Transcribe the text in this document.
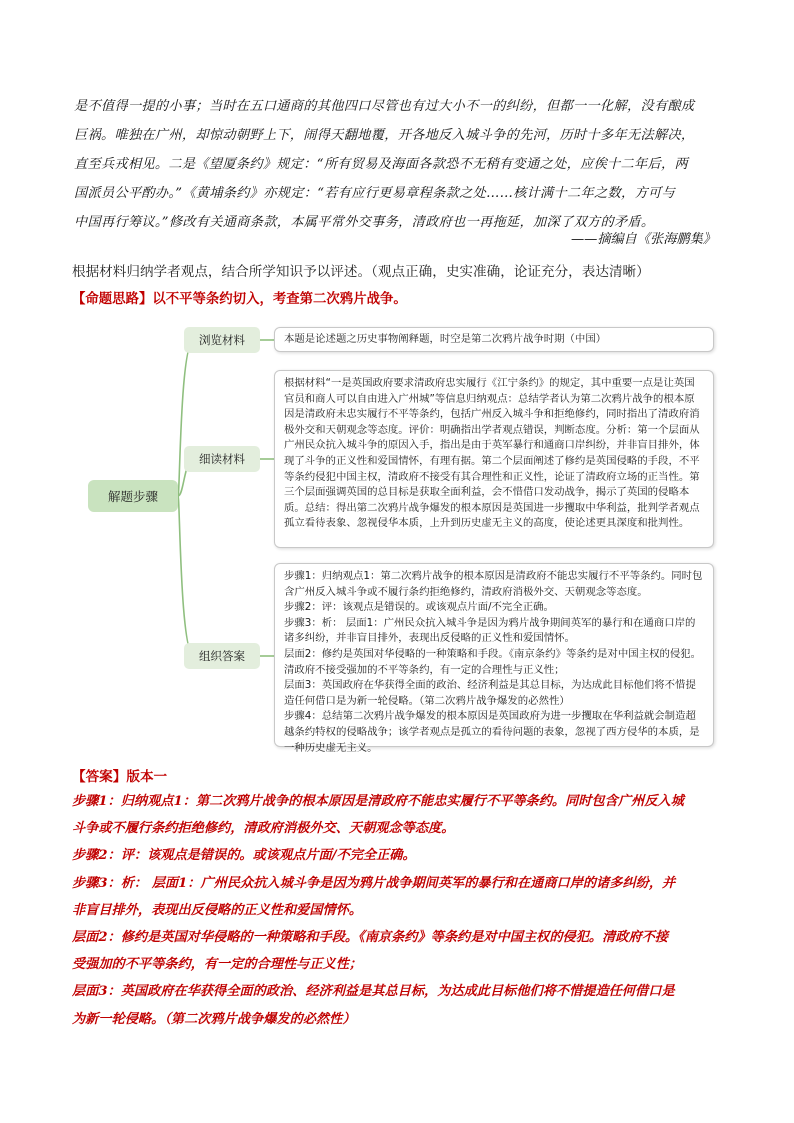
是不值得一提的小事；当时在五口通商的其他四口尽管也有过大小不一的纠纷，但都一一化解，没有酿成

巨祸。唯独在广州，却惊动朝野上下，闹得天翻地覆，开各地反入城斗争的先河，历时十多年无法解决，

直至兵戎相见。二是《望厦条约》规定：“所有贸易及海面各款恐不无稍有变通之处，应俟十二年后，两

国派员公平酌办。”《黄埔条约》亦规定：“若有应行更易章程条款之处……核计满十二年之数，方可与

中国再行筹议。”修改有关通商条款，本属平常外交事务，清政府也一再拖延，加深了双方的矛盾。

——摘编自《张海鹏集》
根据材料归纳学者观点，结合所学知识予以评述。（观点正确，史实准确，论证充分，表达清晰）
【命题思路】以不平等条约切入，考查第二次鸦片战争。
解题步骤
浏览材料	本题是论述题之历史事物阐释题，时空是第二次鸦片战争时期（中国）
细读材料
根据材料“一是英国政府要求清政府忠实履行《江宁条约》的规定，其中重要一点是让英国官员和商人可以自由进入广州城”等信息归纳观点：总结学者认为第二次鸦片战争的根本原因是清政府未忠实履行不平等条约，包括广州反入城斗争和拒绝修约，同时指出了清政府消极外交和天朝观念等态度。评价：明确指出学者观点错误，判断态度。分析：第一个层面从广州民众抗入城斗争的原因入手，指出是由于英军暴行和通商口岸纠纷，并非盲目排外，体现了斗争的正义性和爱国情怀，有理有据。第二个层面阐述了修约是英国侵略的手段，不平等条约侵犯中国主权，清政府不接受有其合理性和正义性，论证了清政府立场的正当性。第三个层面强调英国的总目标是获取全面利益，会不惜借口发动战争，揭示了英国的侵略本质。总结：得出第二次鸦片战争爆发的根本原因是英国进一步攫取中华利益，批判学者观点孤立看待表象、忽视侵华本质，上升到历史虚无主义的高度，使论述更具深度和批判性。
组织答案
步骤1：归纳观点1：第二次鸦片战争的根本原因是清政府不能忠实履行不平等条约。同时包含广州反入城斗争或不履行条约拒绝修约，清政府消极外交、天朝观念等态度。
步骤2：评：该观点是错误的。或该观点片面/不完全正确。
步骤3：析： 层面1：广州民众抗入城斗争是因为鸦片战争期间英军的暴行和在通商口岸的诸多纠纷，并非盲目排外，表现出反侵略的正义性和爱国情怀。
层面2：修约是英国对华侵略的一种策略和手段。《南京条约》等条约是对中国主权的侵犯。清政府不接受强加的不平等条约，有一定的合理性与正义性；
层面3：英国政府在华获得全面的政治、经济利益是其总目标，为达成此目标他们将不惜提造任何借口是为新一轮侵略。（第二次鸦片战争爆发的必然性）
步骤4：总结第二次鸦片战争爆发的根本原因是英国政府为进一步攫取在华利益就会制造超越条约特权的侵略战争；该学者观点是孤立的看待问题的表象，忽视了西方侵华的本质，是一种历史虚无主义。
【答案】版本一

步骤1：归纳观点1：第二次鸦片战争的根本原因是清政府不能忠实履行不平等条约。同时包含广州反入城

斗争或不履行条约拒绝修约，清政府消极外交、天朝观念等态度。

步骤2：评：该观点是错误的。或该观点片面/不完全正确。

步骤3：析： 层面1：广州民众抗入城斗争是因为鸦片战争期间英军的暴行和在通商口岸的诸多纠纷，并

非盲目排外，表现出反侵略的正义性和爱国情怀。

层面2：修约是英国对华侵略的一种策略和手段。《南京条约》等条约是对中国主权的侵犯。清政府不接

受强加的不平等条约，有一定的合理性与正义性；

层面3：英国政府在华获得全面的政治、经济利益是其总目标，为达成此目标他们将不惜提造任何借口是

为新一轮侵略。（第二次鸦片战争爆发的必然性）
